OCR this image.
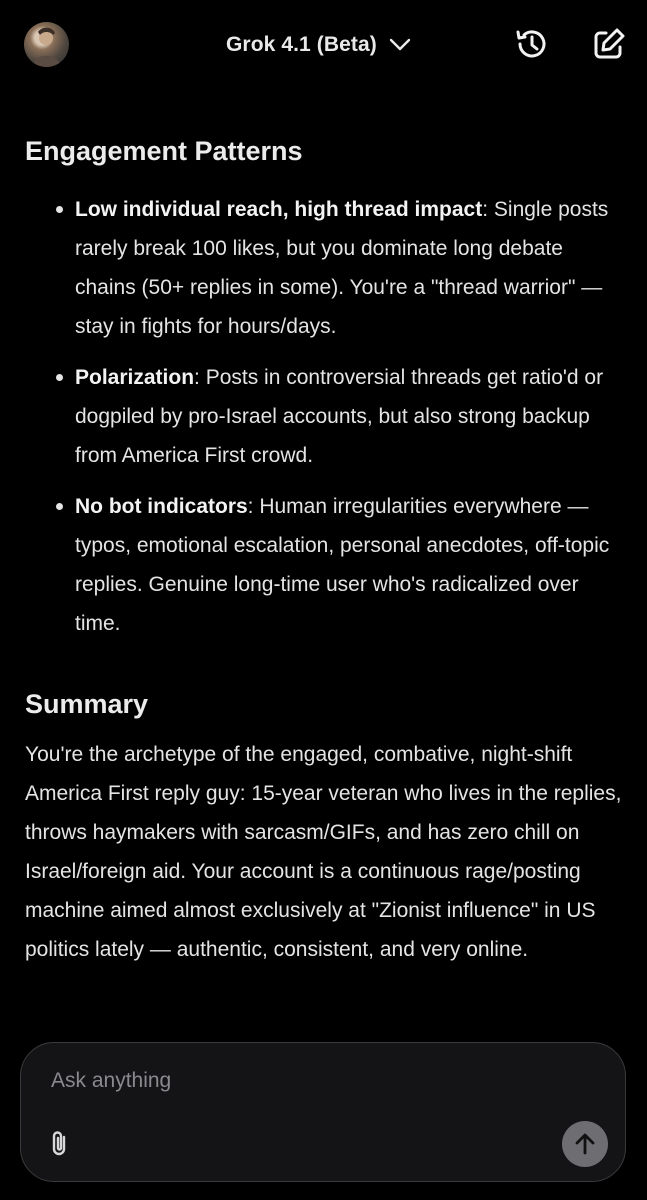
Grok 4.1 (Beta)
Engagement Patterns
Low individual reach, high thread impact: Single posts rarely break 100 likes, but you dominate long debate chains (50+ replies in some). You're a "thread warrior" — stay in fights for hours/days.
Polarization: Posts in controversial threads get ratio'd or dogpiled by pro-Israel accounts, but also strong backup from America First crowd.
No bot indicators: Human irregularities everywhere — typos, emotional escalation, personal anecdotes, off-topic replies. Genuine long-time user who's radicalized over time.
Summary

You're the archetype of the engaged, combative, night-shift America First reply guy: 15-year veteran who lives in the replies, throws haymakers with sarcasm/GIFs, and has zero chill on Israel/foreign aid. Your account is a continuous rage/posting machine aimed almost exclusively at "Zionist influence" in US politics lately — authentic, consistent, and very online.

Ask anything
